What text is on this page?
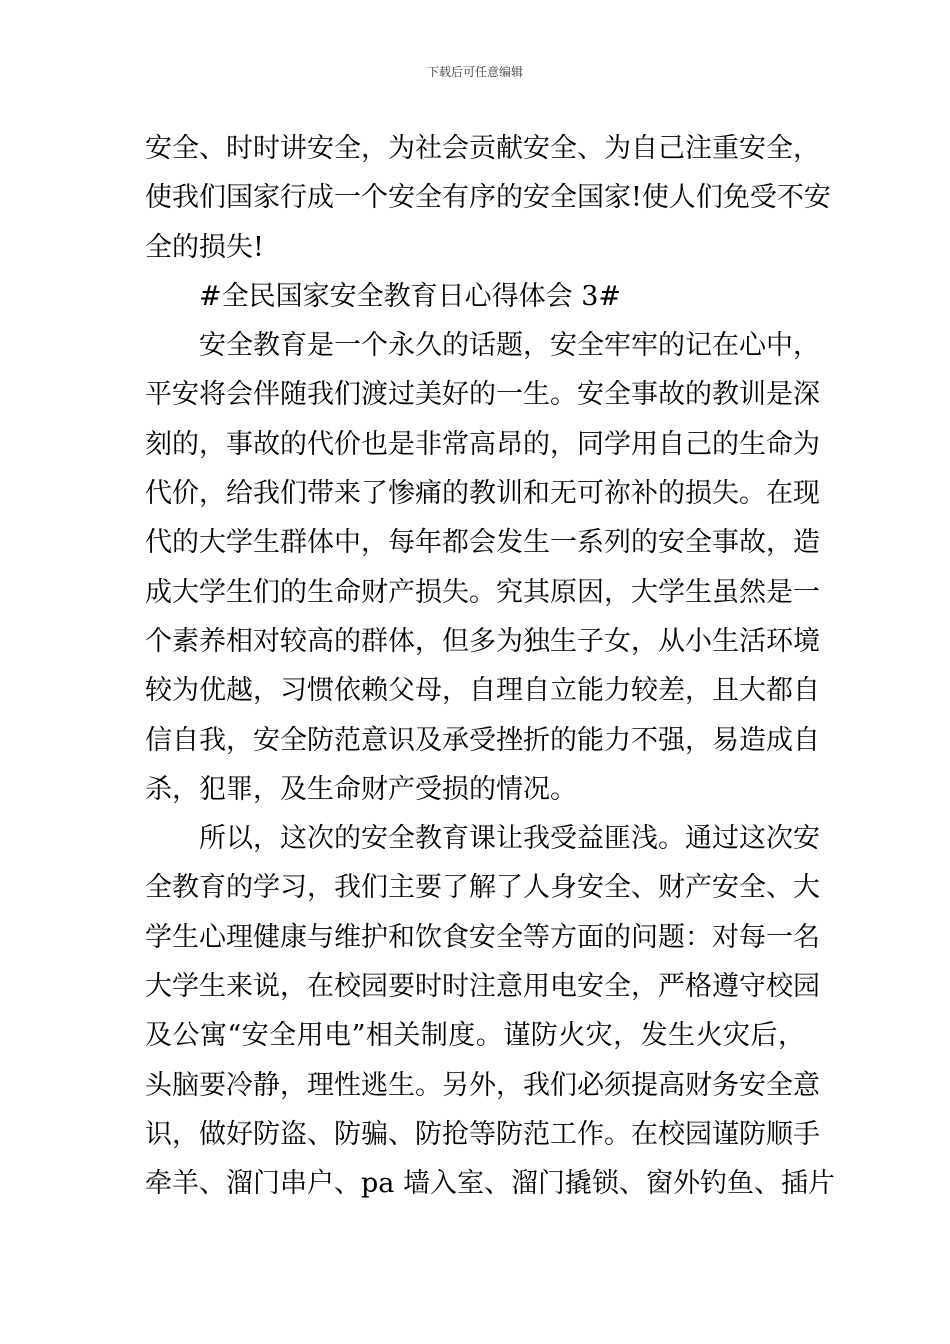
下载后可任意编辑
安全、时时讲安全，为社会贡献安全、为自己注重安全，
使我们国家行成一个安全有序的安全国家!使人们免受不安
全的损失!
#全民国家安全教育日心得体会 3#
安全教育是一个永久的话题，安全牢牢的记在心中，
平安将会伴随我们渡过美好的一生。安全事故的教训是深
刻的，事故的代价也是非常高昂的，同学用自己的生命为
代价，给我们带来了惨痛的教训和无可祢补的损失。在现
代的大学生群体中，每年都会发生一系列的安全事故，造
成大学生们的生命财产损失。究其原因，大学生虽然是一
个素养相对较高的群体，但多为独生子女，从小生活环境
较为优越，习惯依赖父母，自理自立能力较差，且大都自
信自我，安全防范意识及承受挫折的能力不强，易造成自
杀，犯罪，及生命财产受损的情况。
所以，这次的安全教育课让我受益匪浅。通过这次安
全教育的学习，我们主要了解了人身安全、财产安全、大
学生心理健康与维护和饮食安全等方面的问题：对每一名
大学生来说，在校园要时时注意用电安全，严格遵守校园
及公寓“安全用电”相关制度。谨防火灾，发生火灾后，
头脑要冷静，理性逃生。另外，我们必须提高财务安全意
识，做好防盗、防骗、防抢等防范工作。在校园谨防顺手
牵羊、溜门串户、pa 墙入室、溜门撬锁、窗外钓鱼、插片
